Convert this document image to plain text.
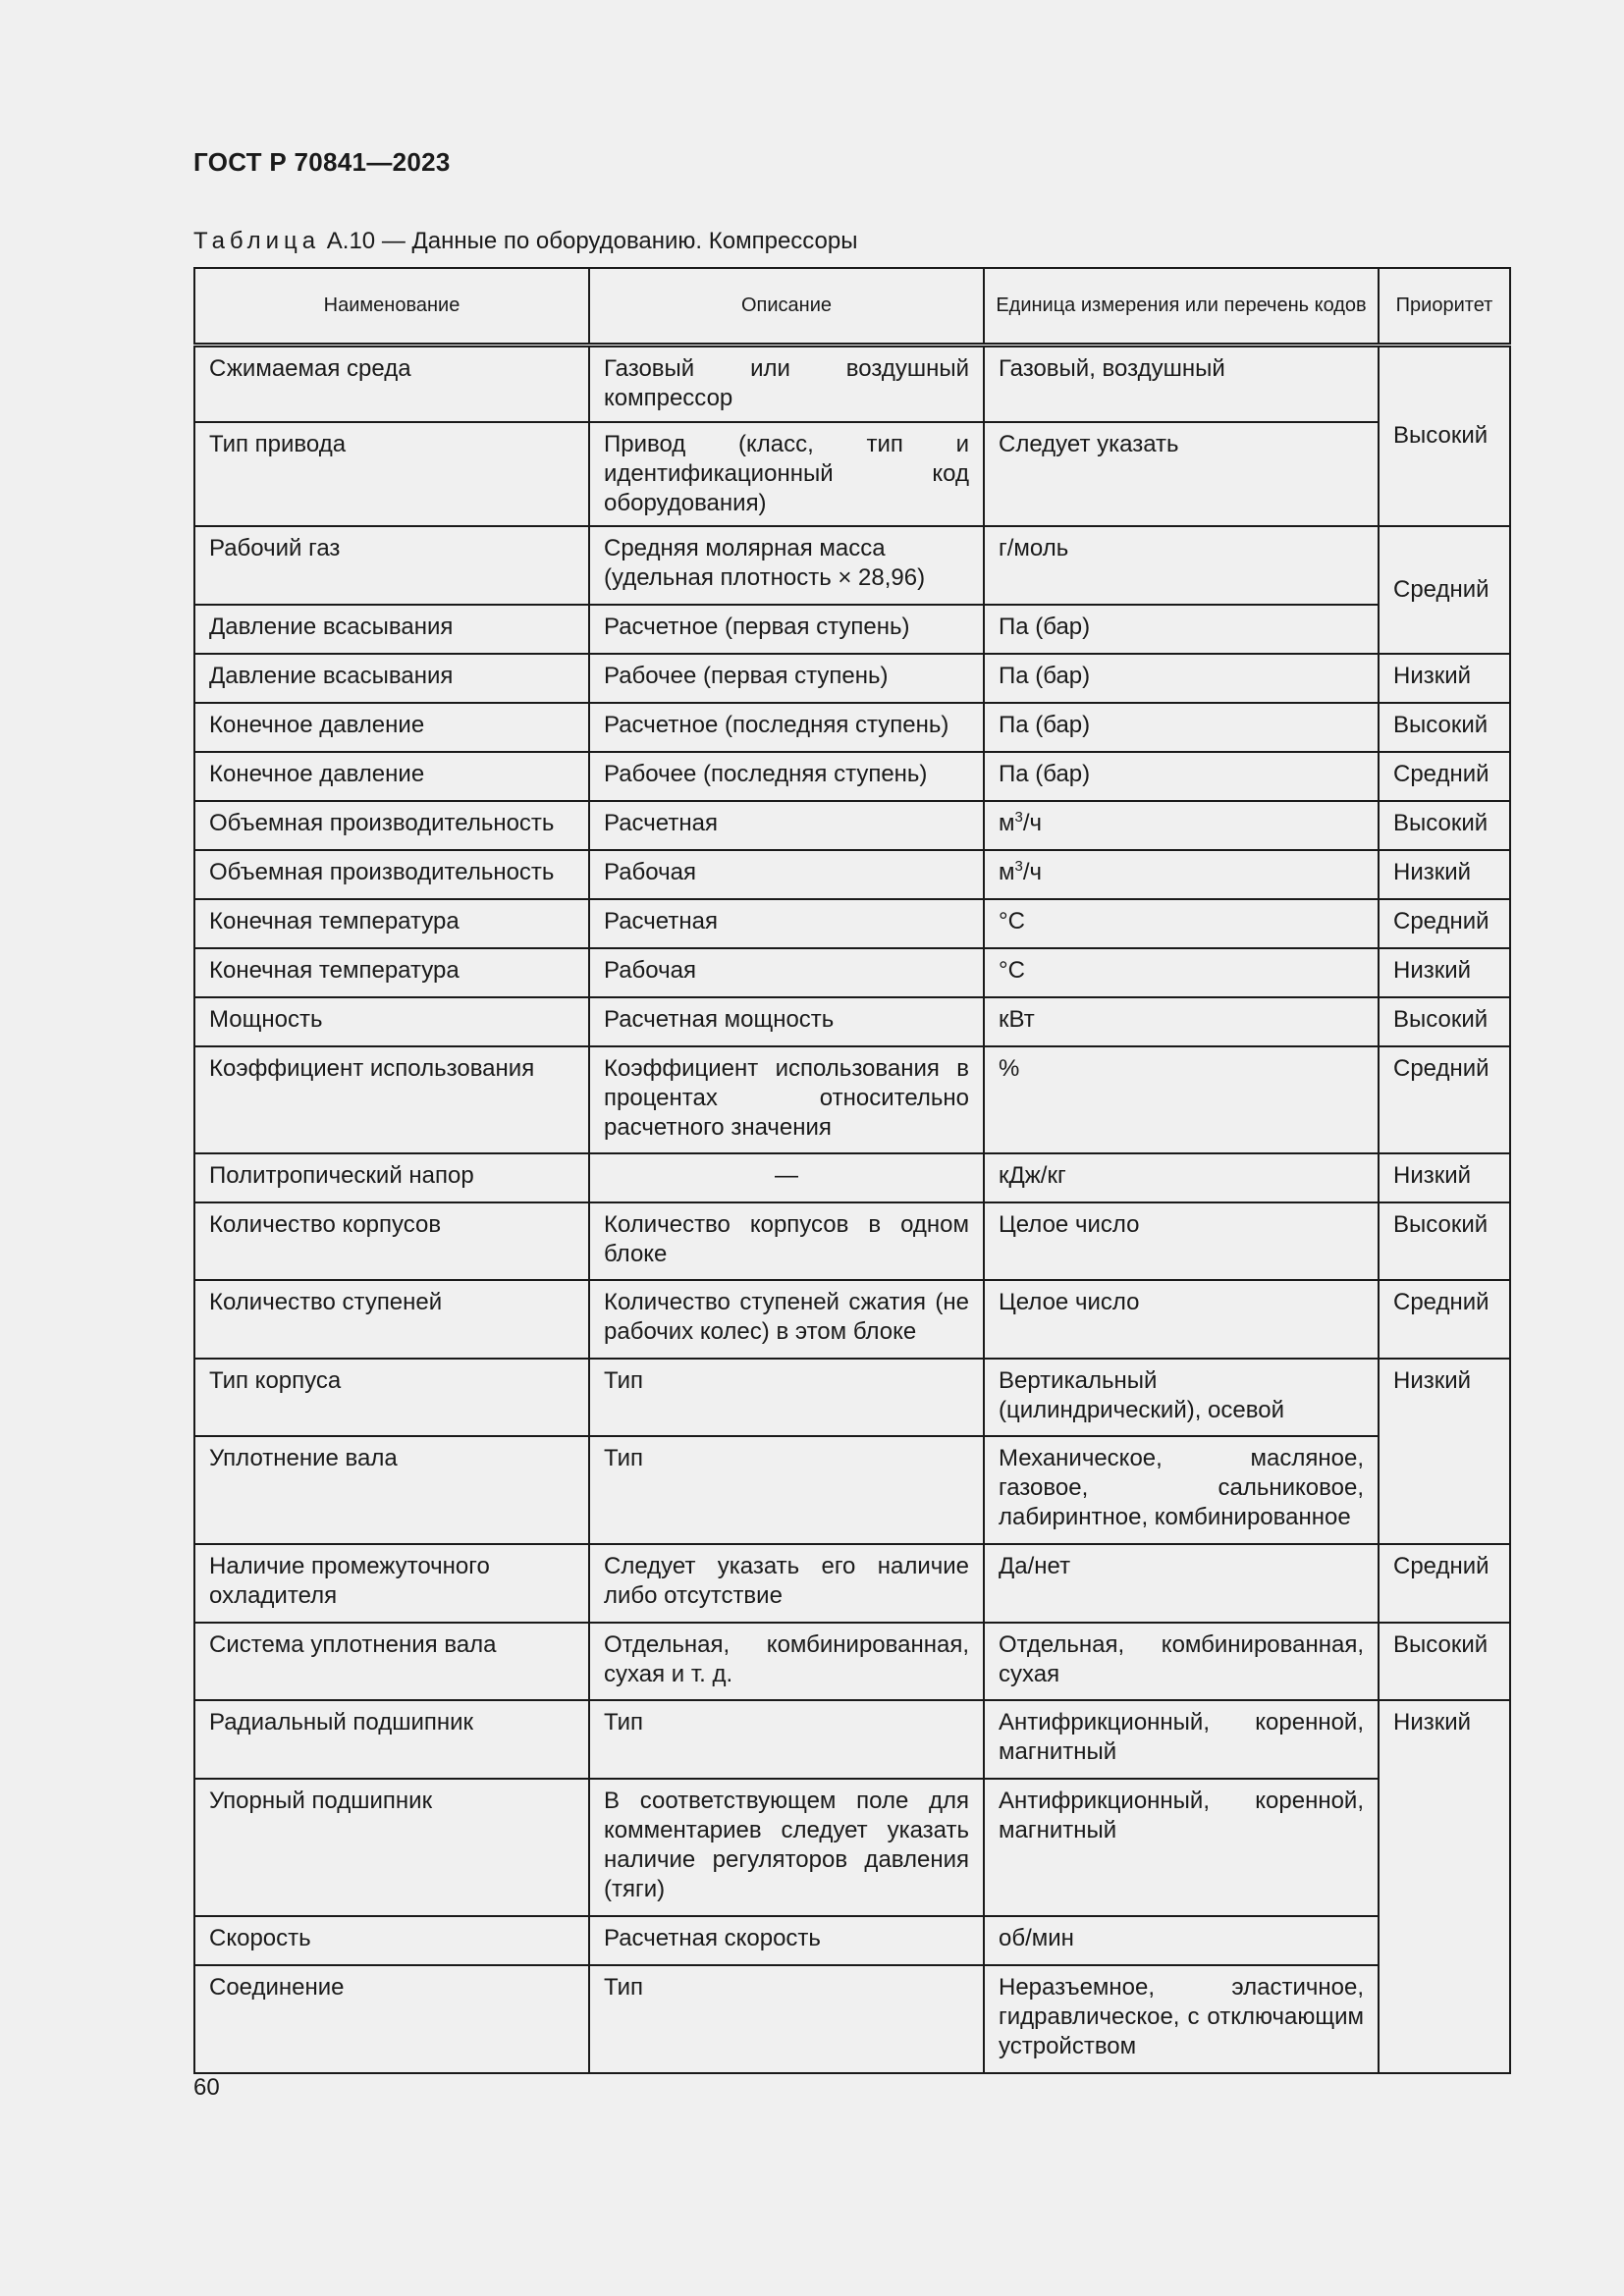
ГОСТ Р 70841—2023
Таблица А.10 — Данные по оборудованию. Компрессоры
Наименование	Описание	Единица измерения или перечень кодов	Приоритет
Сжимаемая среда	Газовый или воздушный компрессор	Газовый, воздушный	Высокий
Тип привода	Привод (класс, тип и идентификационный код оборудования)	Следует указать	
Рабочий газ	Средняя молярная масса (удельная плотность × 28,96)	г/моль	Средний
Давление всасывания	Расчетное (первая ступень)	Па (бар)	
Давление всасывания	Рабочее (первая ступень)	Па (бар)	Низкий
Конечное давление	Расчетное (последняя ступень)	Па (бар)	Высокий
Конечное давление	Рабочее (последняя ступень)	Па (бар)	Средний
Объемная производительность	Расчетная	$м^3/ч$	Высокий
Объемная производительность	Рабочая	$м^3/ч$	Низкий
Конечная температура	Расчетная	°С	Средний
Конечная температура	Рабочая	°С	Низкий
Мощность	Расчетная мощность	кВт	Высокий
Коэффициент использования	Коэффициент использования в процентах относительно расчетного значения	%	Средний
Политропический напор	—	кДж/кг	Низкий
Количество корпусов	Количество корпусов в одном блоке	Целое число	Высокий
Количество ступеней	Количество ступеней сжатия (не рабочих колес) в этом блоке	Целое число	Средний
Тип корпуса	Тип	Вертикальный (цилиндрический), осевой	Низкий
Уплотнение вала	Тип	Механическое, масляное, газовое, сальниковое, лабиринтное, комбинированное	
Наличие промежуточного охладителя	Следует указать его наличие либо отсутствие	Да/нет	Средний
Система уплотнения вала	Отдельная, комбинированная, сухая и т. д.	Отдельная, комбинированная, сухая	Высокий
Радиальный подшипник	Тип	Антифрикционный, коренной, магнитный	Низкий
Упорный подшипник	В соответствующем поле для комментариев следует указать наличие регуляторов давления (тяги)	Антифрикционный, коренной, магнитный	
Скорость	Расчетная скорость	об/мин	
Соединение	Тип	Неразъемное, эластичное, гидравлическое, с отключающим устройством	
60
